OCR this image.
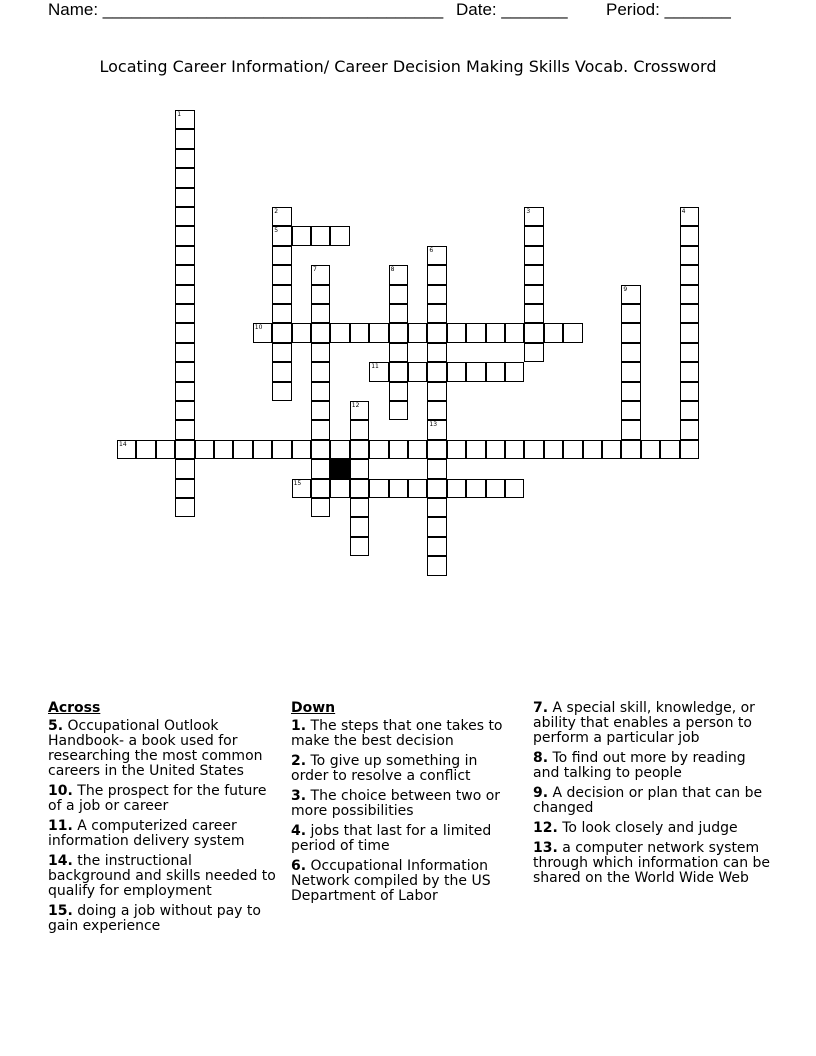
Name: ____________________________________ Date: _______ Period: _______
Locating Career Information/ Career Decision Making Skills Vocab. Crossword
1
2
5
3	4
6
13
7	8
9
10
11
12
14
15
Across
5. Occupational Outlook Handbook- a book used for researching the most common careers in the United States
10. The prospect for the future of a job or career
11. A computerized career information delivery system
14. the instructional background and skills needed to qualify for employment
15. doing a job without pay to gain experience
Down
1. The steps that one takes to make the best decision
2. To give up something in order to resolve a conflict
3. The choice between two or more possibilities
4. jobs that last for a limited period of time
6. Occupational Information Network compiled by the US Department of Labor
7. A special skill, knowledge, or ability that enables a person to perform a particular job
8. To find out more by reading and talking to people
9. A decision or plan that can be changed
12. To look closely and judge
13. a computer network system through which information can be shared on the World Wide Web
